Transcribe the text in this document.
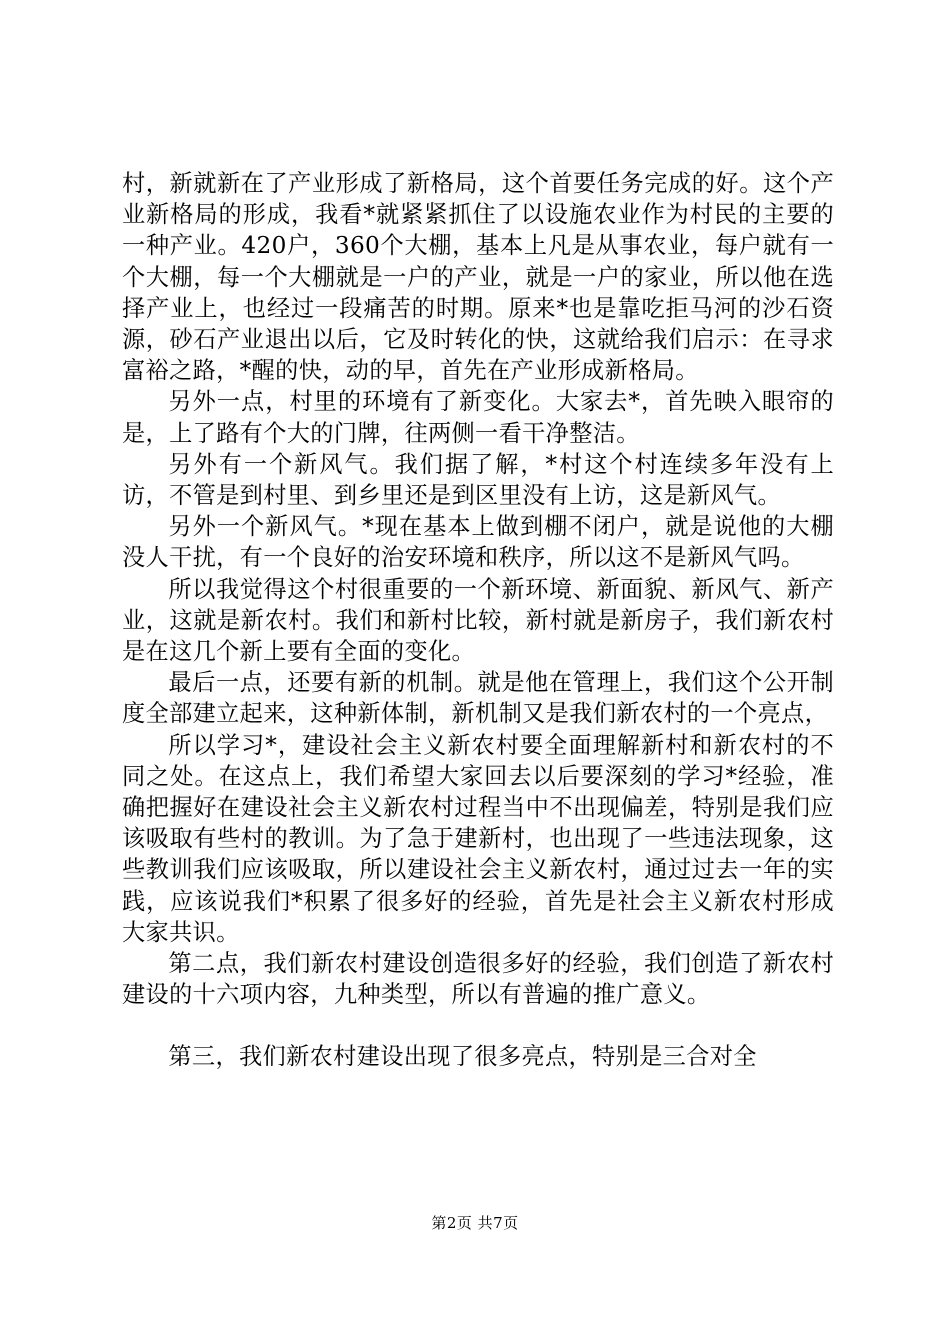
村，新就新在了产业形成了新格局，这个首要任务完成的好。这个产业新格局的形成，我看*就紧紧抓住了以设施农业作为村民的主要的一种产业。420户，360个大棚，基本上凡是从事农业，每户就有一个大棚，每一个大棚就是一户的产业，就是一户的家业，所以他在选择产业上，也经过一段痛苦的时期。原来*也是靠吃拒马河的沙石资源，砂石产业退出以后，它及时转化的快，这就给我们启示：在寻求富裕之路，*醒的快，动的早，首先在产业形成新格局。

另外一点，村里的环境有了新变化。大家去*，首先映入眼帘的是，上了路有个大的门牌，往两侧一看干净整洁。

另外有一个新风气。我们据了解，*村这个村连续多年没有上访，不管是到村里、到乡里还是到区里没有上访，这是新风气。

另外一个新风气。*现在基本上做到棚不闭户，就是说他的大棚没人干扰，有一个良好的治安环境和秩序，所以这不是新风气吗。

所以我觉得这个村很重要的一个新环境、新面貌、新风气、新产业，这就是新农村。我们和新村比较，新村就是新房子，我们新农村是在这几个新上要有全面的变化。

最后一点，还要有新的机制。就是他在管理上，我们这个公开制度全部建立起来，这种新体制，新机制又是我们新农村的一个亮点，

所以学习*，建设社会主义新农村要全面理解新村和新农村的不同之处。在这点上，我们希望大家回去以后要深刻的学习*经验，准确把握好在建设社会主义新农村过程当中不出现偏差，特别是我们应该吸取有些村的教训。为了急于建新村，也出现了一些违法现象，这些教训我们应该吸取，所以建设社会主义新农村，通过过去一年的实践，应该说我们*积累了很多好的经验，首先是社会主义新农村形成大家共识。

第二点，我们新农村建设创造很多好的经验，我们创造了新农村建设的十六项内容，九种类型，所以有普遍的推广意义。

第三，我们新农村建设出现了很多亮点，特别是三合对全

第2页 共7页
